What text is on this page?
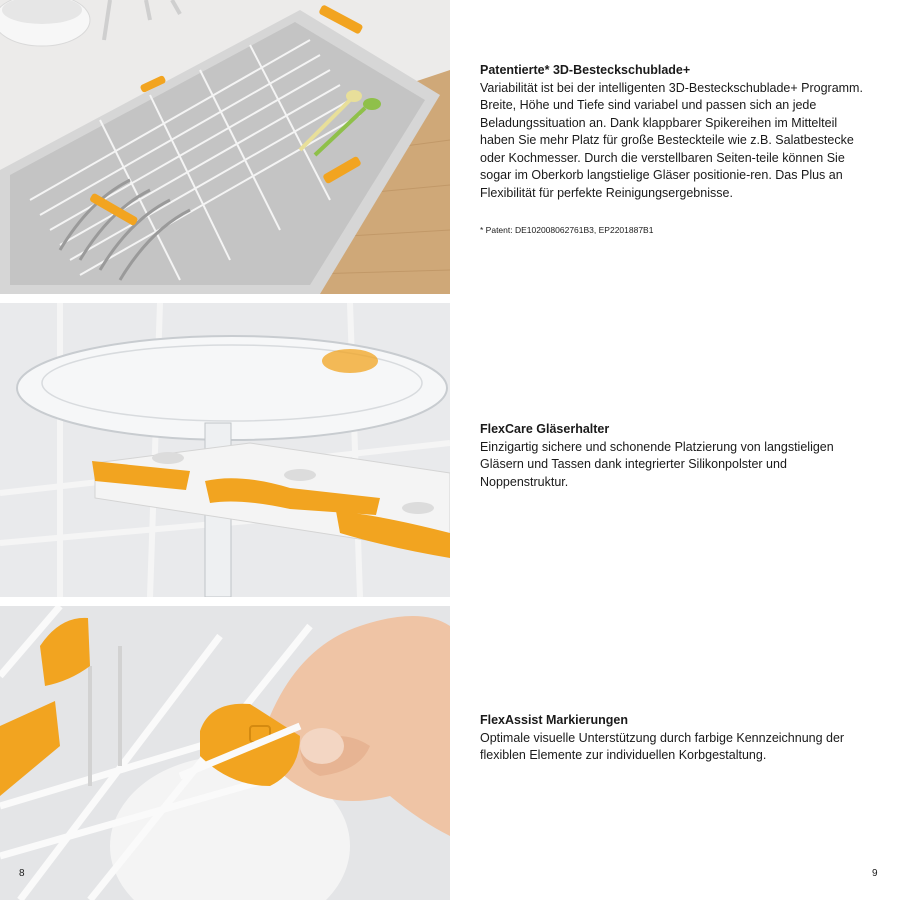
Patentierte* 3D-Besteckschublade+

Variabilität ist bei der intelligenten 3D-Besteckschublade+ Programm. Breite, Höhe und Tiefe sind variabel und passen sich an jede Beladungssituation an. Dank klappbarer Spikereihen im Mittelteil haben Sie mehr Platz für große Besteckteile wie z.B. Salatbestecke oder Kochmesser. Durch die verstellbaren Seiten-teile können Sie sogar im Oberkorb langstielige Gläser positionie-ren. Das Plus an Flexibilität für perfekte Reinigungsergebnisse.

* Patent: DE102008062761B3, EP2201887B1
FlexCare Gläserhalter

Einzigartig sichere und schonende Platzierung von langstieligen Gläsern und Tassen dank integrierter Silikonpolster und Noppenstruktur.

FlexAssist Markierungen

Optimale visuelle Unterstützung durch farbige Kennzeichnung der flexiblen Elemente zur individuellen Korbgestaltung.

8	9
